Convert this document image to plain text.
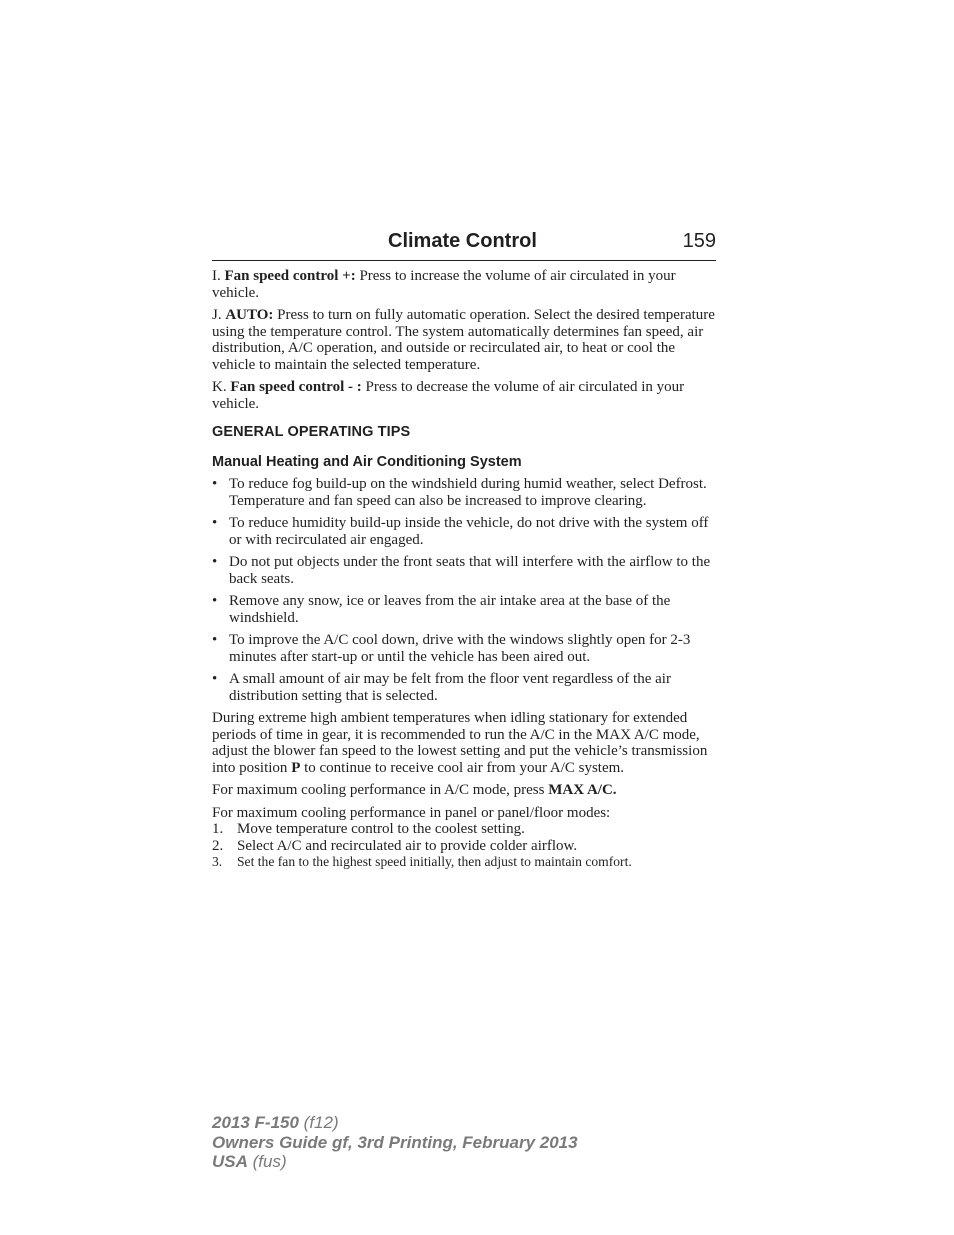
Climate Control	159

I. Fan speed control +: Press to increase the volume of air circulated in your vehicle.

J. AUTO: Press to turn on fully automatic operation. Select the desired temperature using the temperature control. The system automatically determines fan speed, air distribution, A/C operation, and outside or recirculated air, to heat or cool the vehicle to maintain the selected temperature.

K. Fan speed control - : Press to decrease the volume of air circulated in your vehicle.

GENERAL OPERATING TIPS
Manual Heating and Air Conditioning System
• To reduce fog build-up on the windshield during humid weather, select Defrost. Temperature and fan speed can also be increased to improve clearing.
• To reduce humidity build-up inside the vehicle, do not drive with the system off or with recirculated air engaged.
• Do not put objects under the front seats that will interfere with the airflow to the back seats.
• Remove any snow, ice or leaves from the air intake area at the base of the windshield.
• To improve the A/C cool down, drive with the windows slightly open for 2-3 minutes after start-up or until the vehicle has been aired out.
• A small amount of air may be felt from the floor vent regardless of the air distribution setting that is selected.

During extreme high ambient temperatures when idling stationary for extended periods of time in gear, it is recommended to run the A/C in the MAX A/C mode, adjust the blower fan speed to the lowest setting and put the vehicle’s transmission into position P to continue to receive cool air from your A/C system.

For maximum cooling performance in A/C mode, press MAX A/C.

For maximum cooling performance in panel or panel/floor modes:

1. Move temperature control to the coolest setting.
2. Select A/C and recirculated air to provide colder airflow.
3. Set the fan to the highest speed initially, then adjust to maintain comfort.
2013 F-150 (f12)
Owners Guide gf, 3rd Printing, February 2013
USA (fus)
